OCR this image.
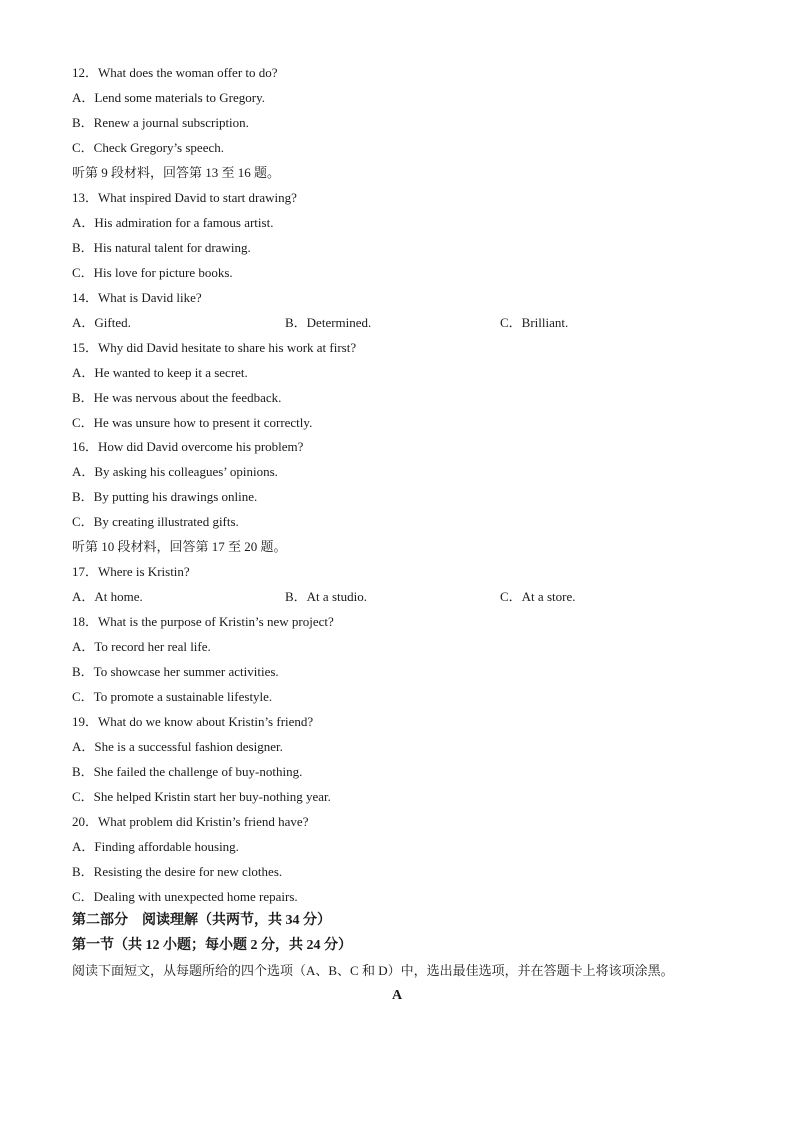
12．What does the woman offer to do?
A．Lend some materials to Gregory.
B．Renew a journal subscription.
C．Check Gregory’s speech.
听第 9 段材料，回答第 13 至 16 题。
13．What inspired David to start drawing?
A．His admiration for a famous artist.
B．His natural talent for drawing.
C．His love for picture books.
14．What is David like?
A．Gifted.	B．Determined.	C．Brilliant.
15．Why did David hesitate to share his work at first?
A．He wanted to keep it a secret.
B．He was nervous about the feedback.
C．He was unsure how to present it correctly.
16．How did David overcome his problem?
A．By asking his colleagues’ opinions.
B．By putting his drawings online.
C．By creating illustrated gifts.
听第 10 段材料，回答第 17 至 20 题。
17．Where is Kristin?
A．At home.	B．At a studio.	C．At a store.
18．What is the purpose of Kristin’s new project?
A．To record her real life.
B．To showcase her summer activities.
C．To promote a sustainable lifestyle.
19．What do we know about Kristin’s friend?
A．She is a successful fashion designer.
B．She failed the challenge of buy-nothing.
C．She helped Kristin start her buy-nothing year.
20．What problem did Kristin’s friend have?
A．Finding affordable housing.
B．Resisting the desire for new clothes.
C．Dealing with unexpected home repairs.
第二部分　阅读理解（共两节，共 34 分）
第一节（共 12 小题；每小题 2 分，共 24 分）
阅读下面短文，从每题所给的四个选项（A、B、C 和 D）中，选出最佳选项，并在答题卡上将该项涂黑。
A
